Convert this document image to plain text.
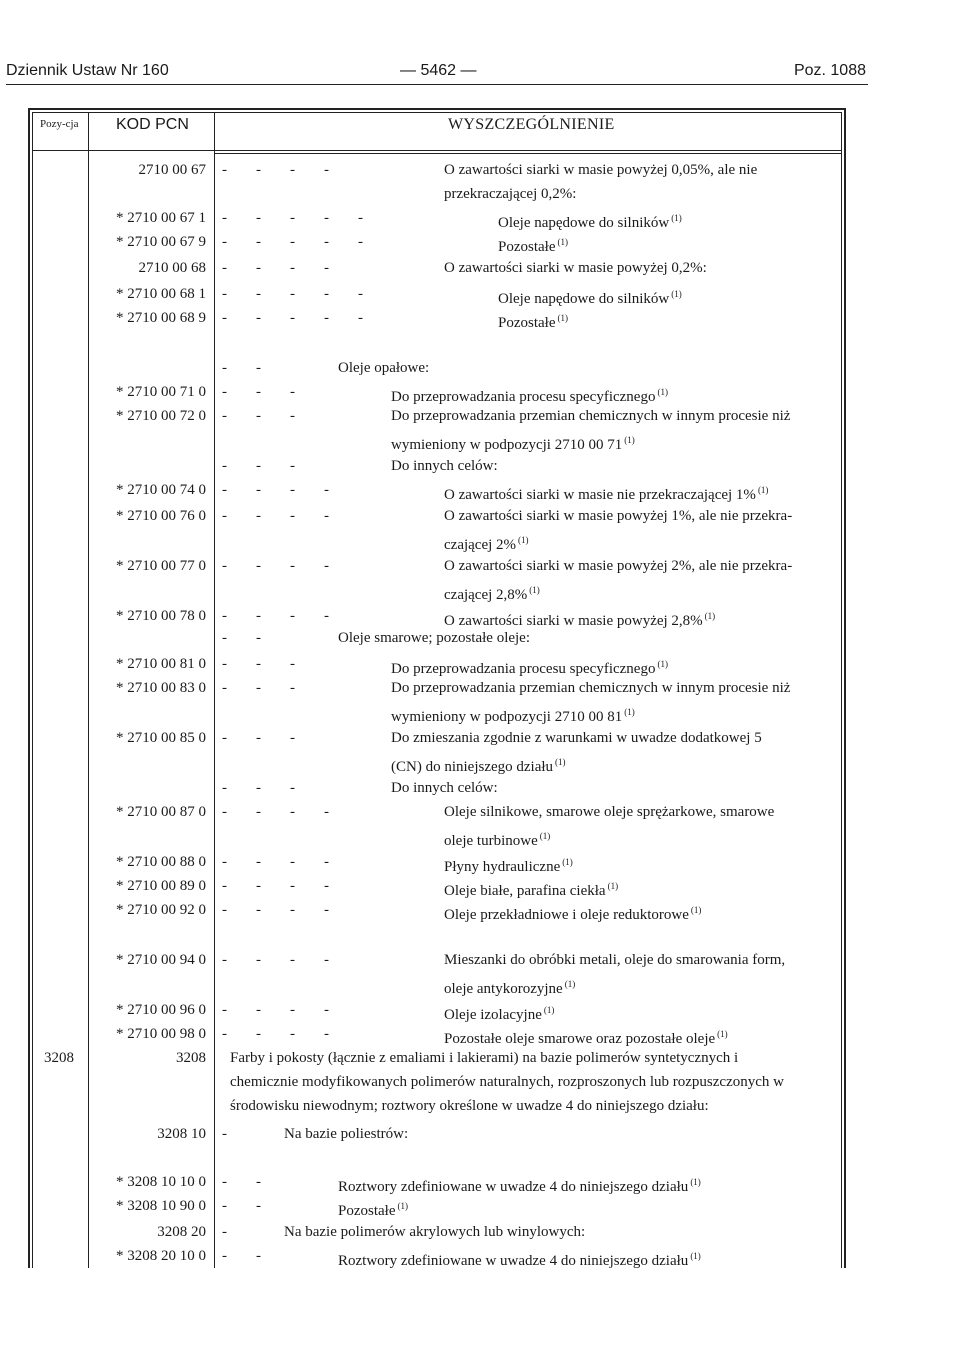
Dziennik Ustaw Nr 160	— 5462 —	Poz. 1088
Pozy-cja KOD PCN	WYSZCZEGÓLNIENIE
2710 00 67 - - - -	O zawartości siarki w masie powyżej 0,05%, ale nie
przekraczającej 0,2%:
* 2710 00 67 1 - - - - -	Oleje napędowe do silników $^{(1)}$
* 2710 00 67 9 - - - - -	Pozostałe $^{(1)}$
2710 00 68 - - - -	O zawartości siarki w masie powyżej 0,2%:
* 2710 00 68 1 - - - - -	Oleje napędowe do silników $^{(1)}$
* 2710 00 68 9 - - - - -	Pozostałe $^{(1)}$
- -	Oleje opałowe:
* 2710 00 71 0 - - -	Do przeprowadzania procesu specyficznego $^{(1)}$
* 2710 00 72 0 - - -	Do przeprowadzania przemian chemicznych w innym procesie niż
wymieniony w podpozycji 2710 00 71 $^{(1)}$
- - -	Do innych celów:
* 2710 00 74 0 - - - -	O zawartości siarki w masie nie przekraczającej 1% $^{(1)}$
* 2710 00 76 0 - - - -	O zawartości siarki w masie powyżej 1%, ale nie przekra-
czającej 2% $^{(1)}$
* 2710 00 77 0 - - - -	O zawartości siarki w masie powyżej 2%, ale nie przekra-
czającej 2,8% $^{(1)}$
* 2710 00 78 0 - - - -	O zawartości siarki w masie powyżej 2,8% $^{(1)}$
- -	Oleje smarowe; pozostałe oleje:
* 2710 00 81 0 - - -	Do przeprowadzania procesu specyficznego $^{(1)}$
* 2710 00 83 0 - - -	Do przeprowadzania przemian chemicznych w innym procesie niż
wymieniony w podpozycji 2710 00 81 $^{(1)}$
* 2710 00 85 0 - - -	Do zmieszania zgodnie z warunkami w uwadze dodatkowej 5
(CN) do niniejszego działu $^{(1)}$
- - -	Do innych celów:
* 2710 00 87 0 - - - -	Oleje silnikowe, smarowe oleje sprężarkowe, smarowe
oleje turbinowe $^{(1)}$
* 2710 00 88 0 - - - -	Płyny hydrauliczne $^{(1)}$
* 2710 00 89 0 - - - -	Oleje białe, parafina ciekła $^{(1)}$
* 2710 00 92 0 - - - -	Oleje przekładniowe i oleje reduktorowe $^{(1)}$
* 2710 00 94 0 - - - -	Mieszanki do obróbki metali, oleje do smarowania form,
oleje antykorozyjne $^{(1)}$
* 2710 00 96 0 - - - -	Oleje izolacyjne $^{(1)}$
* 2710 00 98 0 - - - -	Pozostałe oleje smarowe oraz pozostałe oleje $^{(1)}$
3208	3208 Farby i pokosty (łącznie z emaliami i lakierami) na bazie polimerów syntetycznych i
chemicznie modyfikowanych polimerów naturalnych, rozproszonych lub rozpuszczonych w
środowisku niewodnym; roztwory określone w uwadze 4 do niniejszego działu:
3208 10 -	Na bazie poliestrów:
* 3208 10 10 0 - -	Roztwory zdefiniowane w uwadze 4 do niniejszego działu $^{(1)}$
* 3208 10 90 0 - -	Pozostałe $^{(1)}$
3208 20 -	Na bazie polimerów akrylowych lub winylowych:
* 3208 20 10 0 - -	Roztwory zdefiniowane w uwadze 4 do niniejszego działu $^{(1)}$
